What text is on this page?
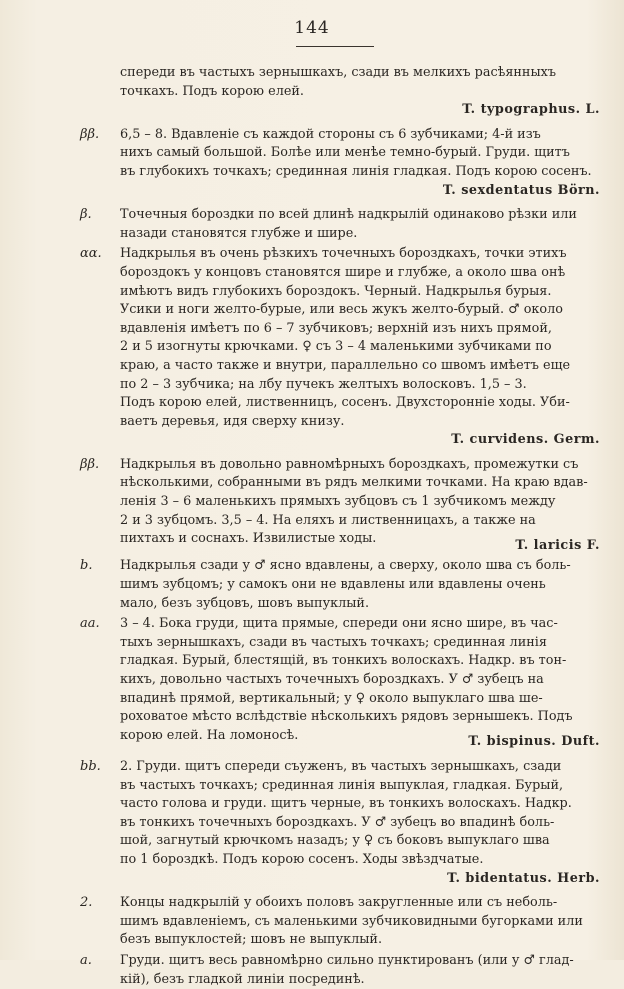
144
спереди въ частыхъ зернышкахъ, сзади въ мелкихъ расѣянныхъ
точкахъ. Подъ корою елей.
T. typographus. L.
ββ.	6,5 – 8. Вдавленіе съ каждой стороны съ 6 зубчиками; 4-й изъ
нихъ самый большой. Болѣе или менѣе темно-бурый. Груди. щитъ
въ глубокихъ точкахъ; срединная линія гладкая. Подъ корою сосенъ.
T. sexdentatus Börn.
β.	Точечныя бороздки по всей длинѣ надкрылій одинаково рѣзки или
назади становятся глубже и шире.
αα.	Надкрылья въ очень рѣзкихъ точечныхъ бороздкахъ, точки этихъ
бороздокъ у концовъ становятся шире и глубже, а около шва онѣ
имѣютъ видъ глубокихъ бороздокъ. Черный. Надкрылья бурыя.
Усики и ноги желто-бурые, или весь жукъ желто-бурый. ♂ около
вдавленія имѣетъ по 6 – 7 зубчиковъ; верхній изъ нихъ прямой,
2 и 5 изогнуты крючками. ♀ съ 3 – 4 маленькими зубчиками по
краю, а часто также и внутри, параллельно со швомъ имѣетъ еще
по 2 – 3 зубчика; на лбу пучекъ желтыхъ волосковъ. 1,5 – 3.
Подъ корою елей, лиственницъ, сосенъ. Двухстороннie ходы. Уби-
ваетъ деревья, идя сверху книзу.
T. curvidens. Germ.
ββ.	Надкрылья въ довольно равномѣрныхъ бороздкахъ, промежутки съ
нѣсколькими, собранными въ рядъ мелкими точками. На краю вдав-
ленія 3 – 6 маленькихъ прямыхъ зубцовъ съ 1 зубчикомъ между
2 и 3 зубцомъ. 3,5 – 4. На еляхъ и лиственницахъ, а также на
пихтахъ и соснахъ. Извилистые ходы.	T. laricis F.
b.	Надкрылья сзади у ♂ ясно вдавлены, а сверху, около шва съ боль-
шимъ зубцомъ; у самокъ они не вдавлены или вдавлены очень
мало, безъ зубцовъ, шовъ выпуклый.
aa.	3 – 4. Бока груди, щита прямые, спереди они ясно шире, въ час-
тыхъ зернышкахъ, сзади въ частыхъ точкахъ; срединная линія
гладкая. Бурый, блестящій, въ тонкихъ волоскахъ. Надкр. въ тон-
кихъ, довольно частыхъ точечныхъ бороздкахъ. У ♂ зубецъ на
впадинѣ прямой, вертикальный; у ♀ около выпуклаго шва ше-
роховатое мѣсто вслѣдствіе нѣсколькихъ рядовъ зернышекъ. Подъ
корою елей. На ломоносѣ.	T. bispinus. Duft.
bb.	2. Груди. щитъ спереди съуженъ, въ частыхъ зернышкахъ, сзади
въ частыхъ точкахъ; срединная линія выпуклая, гладкая. Бурый,
часто голова и груди. щитъ черные, въ тонкихъ волоскахъ. Надкр.
въ тонкихъ точечныхъ бороздкахъ. У ♂ зубецъ во впадинѣ боль-
шой, загнутый крючкомъ назадъ; у ♀ съ боковъ выпуклаго шва
по 1 бороздкѣ. Подъ корою сосенъ. Ходы звѣздчатые.
T. bidentatus. Herb.
2.	Концы надкрылій у обоихъ половъ закругленные или съ неболь-
шимъ вдавленіемъ, съ маленькими зубчиковидными бугорками или
безъ выпуклостей; шовъ не выпуклый.
a.	Груди. щитъ весь равномѣрно сильно пунктированъ (или у ♂ глад-
кій), безъ гладкой линіи посрединѣ.
